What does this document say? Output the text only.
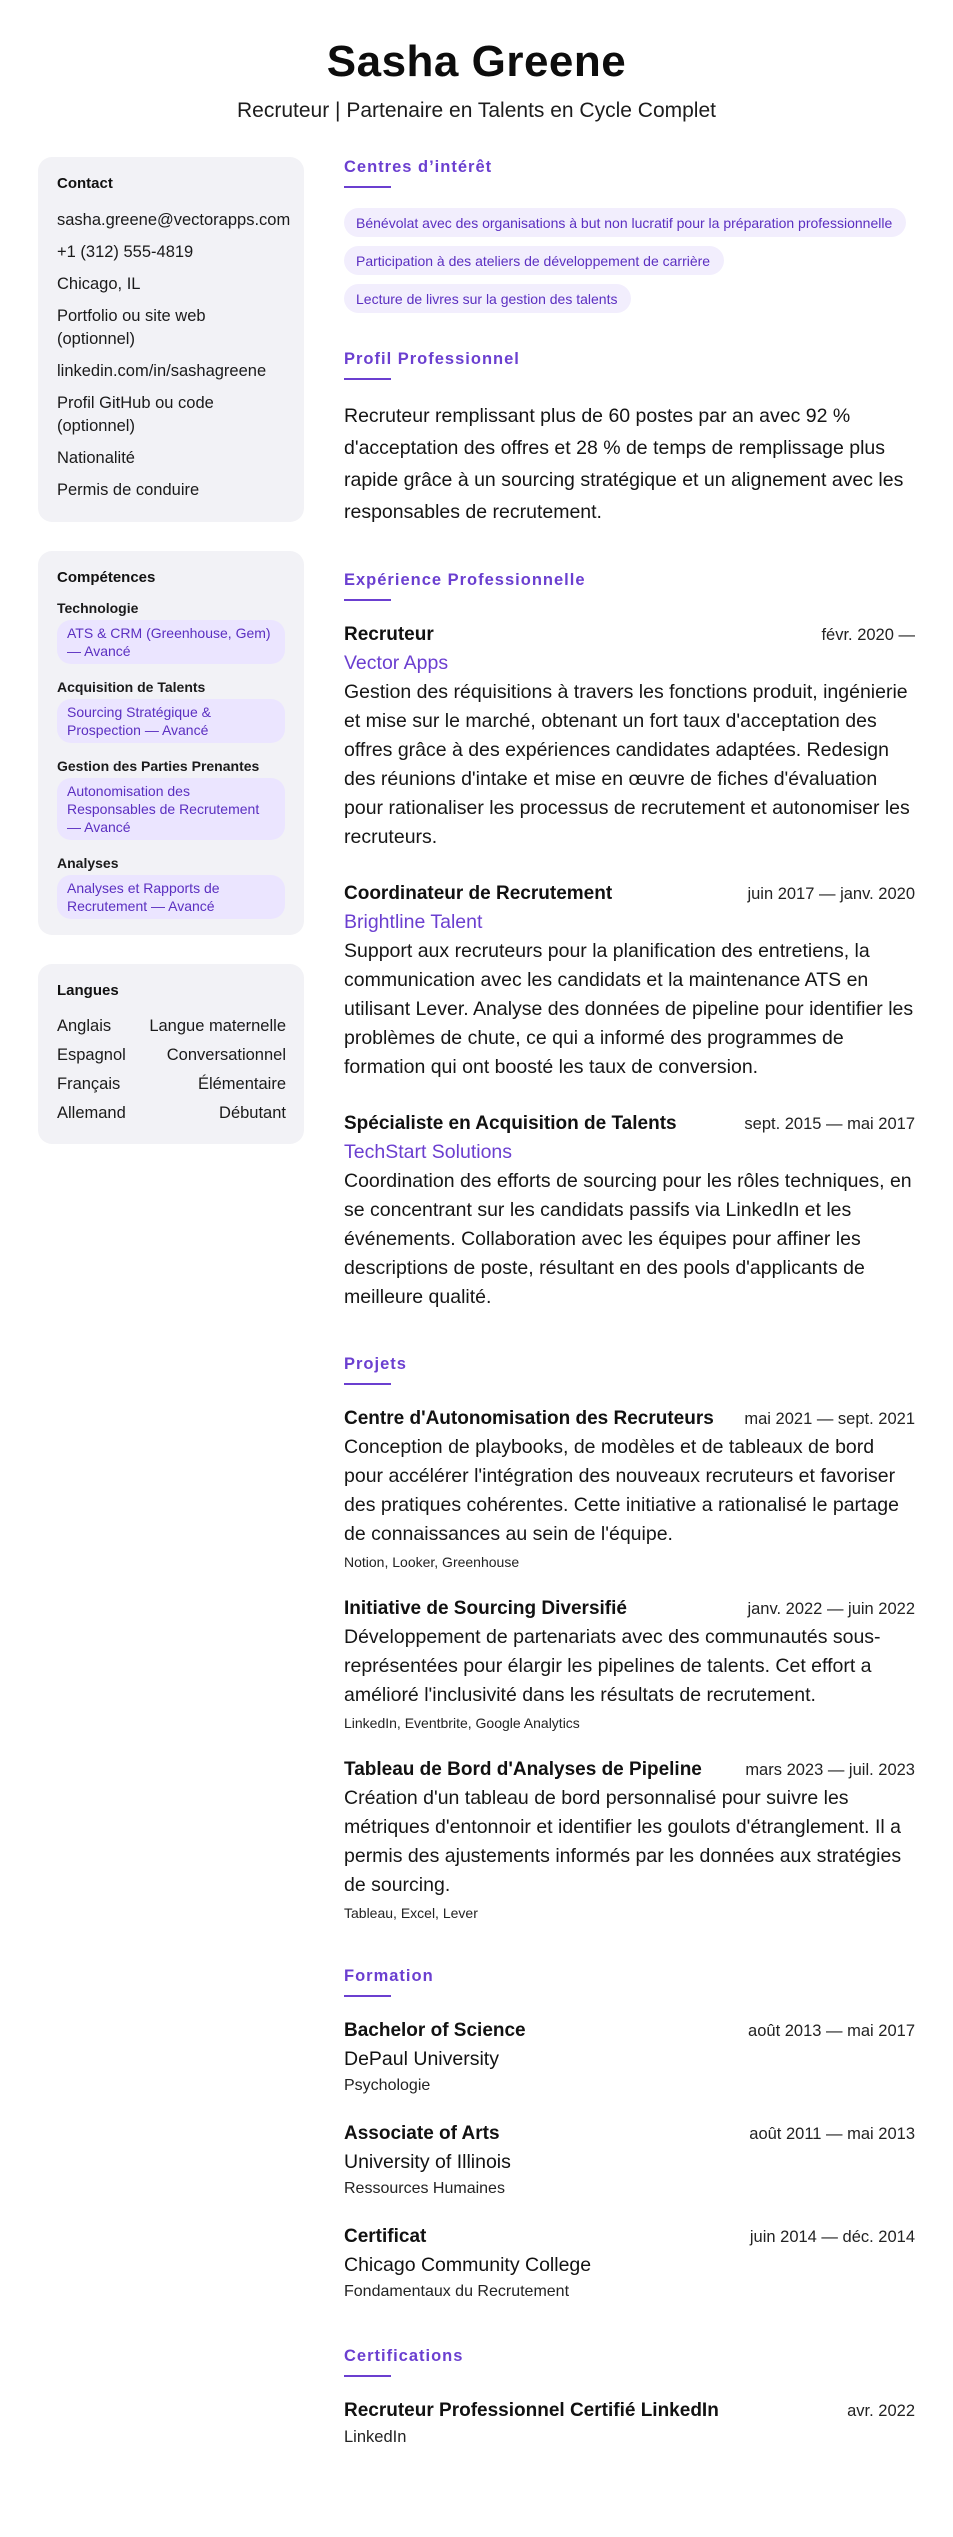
Sasha Greene
Recruteur | Partenaire en Talents en Cycle Complet
Contact
sasha.greene@vectorapps.com
+1 (312) 555-4819
Chicago, IL
Portfolio ou site web (optionnel)
linkedin.com/in/sashagreene
Profil GitHub ou code (optionnel)
Nationalité
Permis de conduire
Compétences
Technologie
ATS & CRM (Greenhouse, Gem) — Avancé
Acquisition de Talents
Sourcing Stratégique & Prospection — Avancé
Gestion des Parties Prenantes
Autonomisation des Responsables de Recrutement — Avancé
Analyses
Analyses et Rapports de Recrutement — Avancé
Langues
Anglais Langue maternelle
Espagnol Conversationnel
Français	Élémentaire
Allemand	Débutant
Centres d’intérêt
Bénévolat avec des organisations à but non lucratif pour la préparation professionnelle
Participation à des ateliers de développement de carrière
Lecture de livres sur la gestion des talents
Profil Professionnel
Recruteur remplissant plus de 60 postes par an avec 92 % d'acceptation des offres et 28 % de temps de remplissage plus rapide grâce à un sourcing stratégique et un alignement avec les responsables de recrutement.
Expérience Professionnelle
Recruteur	févr. 2020 —
Vector Apps
Gestion des réquisitions à travers les fonctions produit, ingénierie et mise sur le marché, obtenant un fort taux d'acceptation des offres grâce à des expériences candidates adaptées. Redesign des réunions d'intake et mise en œuvre de fiches d'évaluation pour rationaliser les processus de recrutement et autonomiser les recruteurs.
Coordinateur de Recrutement	juin 2017 — janv. 2020
Brightline Talent
Support aux recruteurs pour la planification des entretiens, la communication avec les candidats et la maintenance ATS en utilisant Lever. Analyse des données de pipeline pour identifier les problèmes de chute, ce qui a informé des programmes de formation qui ont boosté les taux de conversion.
Spécialiste en Acquisition de Talents	sept. 2015 — mai 2017
TechStart Solutions
Coordination des efforts de sourcing pour les rôles techniques, en se concentrant sur les candidats passifs via LinkedIn et les événements. Collaboration avec les équipes pour affiner les descriptions de poste, résultant en des pools d'applicants de meilleure qualité.
Projets
Centre d'Autonomisation des Recruteurs mai 2021 — sept. 2021
Conception de playbooks, de modèles et de tableaux de bord pour accélérer l'intégration des nouveaux recruteurs et favoriser des pratiques cohérentes. Cette initiative a rationalisé le partage de connaissances au sein de l'équipe.
Notion, Looker, Greenhouse
Initiative de Sourcing Diversifié	janv. 2022 — juin 2022
Développement de partenariats avec des communautés sous-représentées pour élargir les pipelines de talents. Cet effort a amélioré l'inclusivité dans les résultats de recrutement.
LinkedIn, Eventbrite, Google Analytics
Tableau de Bord d'Analyses de Pipeline	mars 2023 — juil. 2023
Création d'un tableau de bord personnalisé pour suivre les métriques d'entonnoir et identifier les goulots d'étranglement. Il a permis des ajustements informés par les données aux stratégies de sourcing.
Tableau, Excel, Lever
Formation
Bachelor of Science	août 2013 — mai 2017
DePaul University
Psychologie
Associate of Arts	août 2011 — mai 2013
University of Illinois
Ressources Humaines
Certificat	juin 2014 — déc. 2014
Chicago Community College
Fondamentaux du Recrutement
Certifications
Recruteur Professionnel Certifié LinkedIn	avr. 2022
LinkedIn
